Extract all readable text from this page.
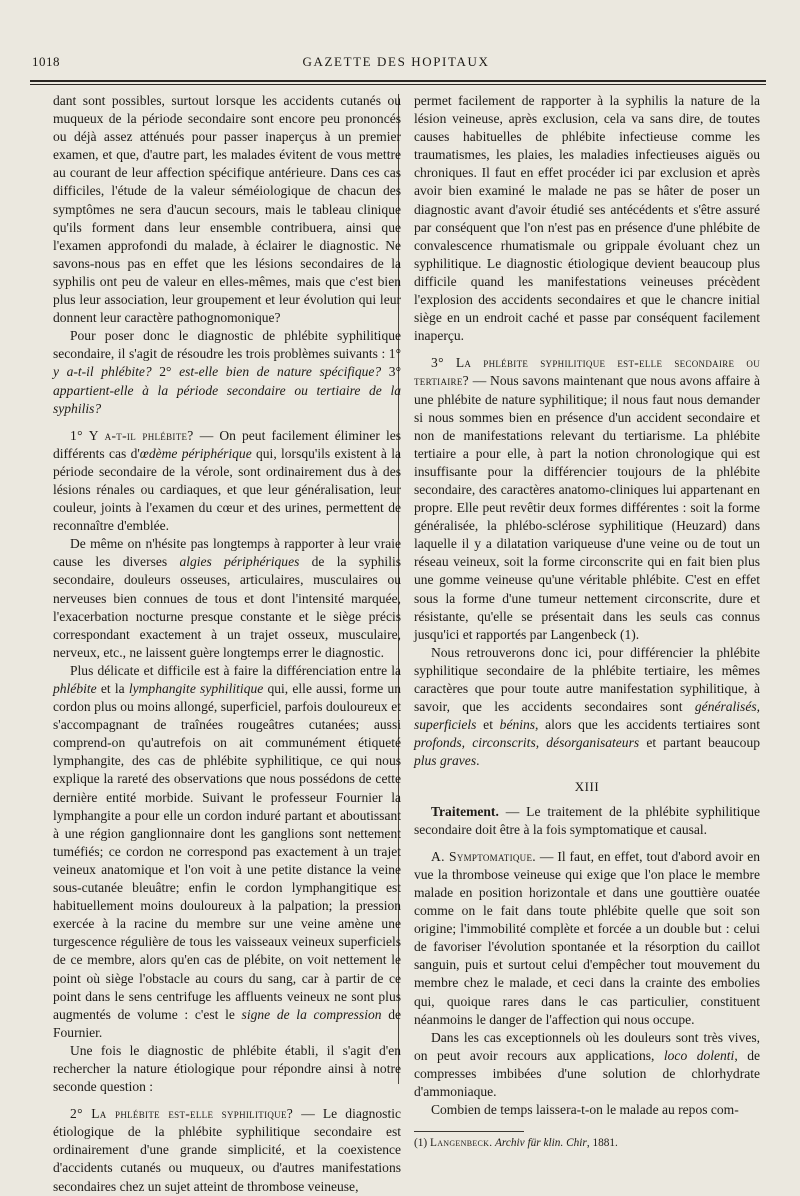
1018	GAZETTE DES HOPITAUX

dant sont possibles, surtout lorsque les accidents cutanés ou muqueux de la période secondaire sont encore peu prononcés ou déjà assez atténués pour passer inaperçus à un premier examen, et que, d'autre part, les malades évitent de vous mettre au courant de leur affection spécifique antérieure. Dans ces cas difficiles, l'étude de la valeur séméiologique de chacun des symptômes ne sera d'aucun secours, mais le tableau clinique qu'ils forment dans leur ensemble contribuera, ainsi que l'examen approfondi du malade, à éclairer le diagnostic. Ne savons-nous pas en effet que les lésions secondaires de la syphilis ont peu de valeur en elles-mêmes, mais que c'est bien plus leur association, leur groupement et leur évolution qui leur donnent leur caractère pathognomonique?

Pour poser donc le diagnostic de phlébite syphilitique secondaire, il s'agit de résoudre les trois problèmes suivants : 1° y a-t-il phlébite? 2° est-elle bien de nature spécifique? 3° appartient-elle à la période secondaire ou tertiaire de la syphilis?

1° Y a-t-il phlébite? — On peut facilement éliminer les différents cas d'œdème périphérique qui, lorsqu'ils existent à la période secondaire de la vérole, sont ordinairement dus à des lésions rénales ou cardiaques, et que leur généralisation, leur couleur, joints à l'examen du cœur et des urines, permettent de reconnaître d'emblée.

De même on n'hésite pas longtemps à rapporter à leur vraie cause les diverses algies périphériques de la syphilis secondaire, douleurs osseuses, articulaires, musculaires ou nerveuses bien connues de tous et dont l'intensité marquée, l'exacerbation nocturne presque constante et le siège précis correspondant exactement à un trajet osseux, musculaire, nerveux, etc., ne laissent guère longtemps errer le diagnostic.

Plus délicate et difficile est à faire la différenciation entre la phlébite et la lymphangite syphilitique qui, elle aussi, forme un cordon plus ou moins allongé, superficiel, parfois douloureux et s'accompagnant de traînées rougeâtres cutanées; aussi comprend-on qu'autrefois on ait communément étiqueté lymphangite, des cas de phlébite syphilitique, ce qui nous explique la rareté des observations que nous possédons de cette dernière entité morbide. Suivant le professeur Fournier la lymphangite a pour elle un cordon induré partant et aboutissant à une région ganglionnaire dont les ganglions sont nettement tuméfiés; ce cordon ne correspond pas exactement à un trajet veineux anatomique et l'on voit à une petite distance la veine sous-cutanée bleuâtre; enfin le cordon lymphangitique est habituellement moins douloureux à la palpation; la pression exercée à la racine du membre sur une veine amène une turgescence régulière de tous les vaisseaux veineux superficiels de ce membre, alors qu'en cas de plébite, on voit nettement le point où siège l'obstacle au cours du sang, car à partir de ce point dans le sens centrifuge les affluents veineux ne sont plus augmentés de volume : c'est le signe de la compression de Fournier.

Une fois le diagnostic de phlébite établi, il s'agit d'en rechercher la nature étiologique pour répondre ainsi à notre seconde question :

2° La phlébite est-elle syphilitique? — Le diagnostic étiologique de la phlébite syphilitique secondaire est ordinairement d'une grande simplicité, et la coexistence d'accidents cutanés ou muqueux, ou d'autres manifestations secondaires chez un sujet atteint de thrombose veineuse,

permet facilement de rapporter à la syphilis la nature de la lésion veineuse, après exclusion, cela va sans dire, de toutes causes habituelles de phlébite infectieuse comme les traumatismes, les plaies, les maladies infectieuses aiguës ou chroniques. Il faut en effet procéder ici par exclusion et après avoir bien examiné le malade ne pas se hâter de poser un diagnostic avant d'avoir étudié ses antécédents et s'être assuré par conséquent que l'on n'est pas en présence d'une phlébite de convalescence rhumatismale ou grippale évoluant chez un syphilitique. Le diagnostic étiologique devient beaucoup plus difficile quand les manifestations veineuses précèdent l'explosion des accidents secondaires et que le chancre initial siège en un endroit caché et passe par conséquent facilement inaperçu.

3° La phlébite syphilitique est-elle secondaire ou tertiaire? — Nous savons maintenant que nous avons affaire à une phlébite de nature syphilitique; il nous faut nous demander si nous sommes bien en présence d'un accident secondaire et non de manifestations relevant du tertiarisme. La phlébite tertiaire a pour elle, à part la notion chronologique qui est insuffisante pour la différencier toujours de la phlébite secondaire, des caractères anatomo-cliniques lui appartenant en propre. Elle peut revêtir deux formes différentes : soit la forme généralisée, la phlébo-sclérose syphilitique (Heuzard) dans laquelle il y a dilatation variqueuse d'une veine ou de tout un réseau veineux, soit la forme circonscrite qui en fait bien plus une gomme veineuse qu'une véritable phlébite. C'est en effet sous la forme d'une tumeur nettement circonscrite, dure et résistante, qu'elle se présentait dans les seuls cas connus jusqu'ici et rapportés par Langenbeck (1).

Nous retrouverons donc ici, pour différencier la phlébite syphilitique secondaire de la phlébite tertiaire, les mêmes caractères que pour toute autre manifestation syphilitique, à savoir, que les accidents secondaires sont généralisés, superficiels et bénins, alors que les accidents tertiaires sont profonds, circonscrits, désorganisateurs et partant beaucoup plus graves.

XIII

Traitement. — Le traitement de la phlébite syphilitique secondaire doit être à la fois symptomatique et causal.

A. Symptomatique. — Il faut, en effet, tout d'abord avoir en vue la thrombose veineuse qui exige que l'on place le membre malade en position horizontale et dans une gouttière ouatée comme on le fait dans toute phlébite quelle que soit son origine; l'immobilité complète et forcée a un double but : celui de favoriser l'évolution spontanée et la résorption du caillot sanguin, puis et surtout celui d'empêcher tout mouvement du membre chez le malade, et ceci dans la crainte des embolies qui, quoique rares dans le cas particulier, constituent néanmoins le danger de l'affection qui nous occupe.

Dans les cas exceptionnels où les douleurs sont très vives, on peut avoir recours aux applications, loco dolenti, de compresses imbibées d'une solution de chlorhydrate d'ammoniaque.

Combien de temps laissera-t-on le malade au repos com-

(1) Langenbeck. Archiv für klin. Chir, 1881.
